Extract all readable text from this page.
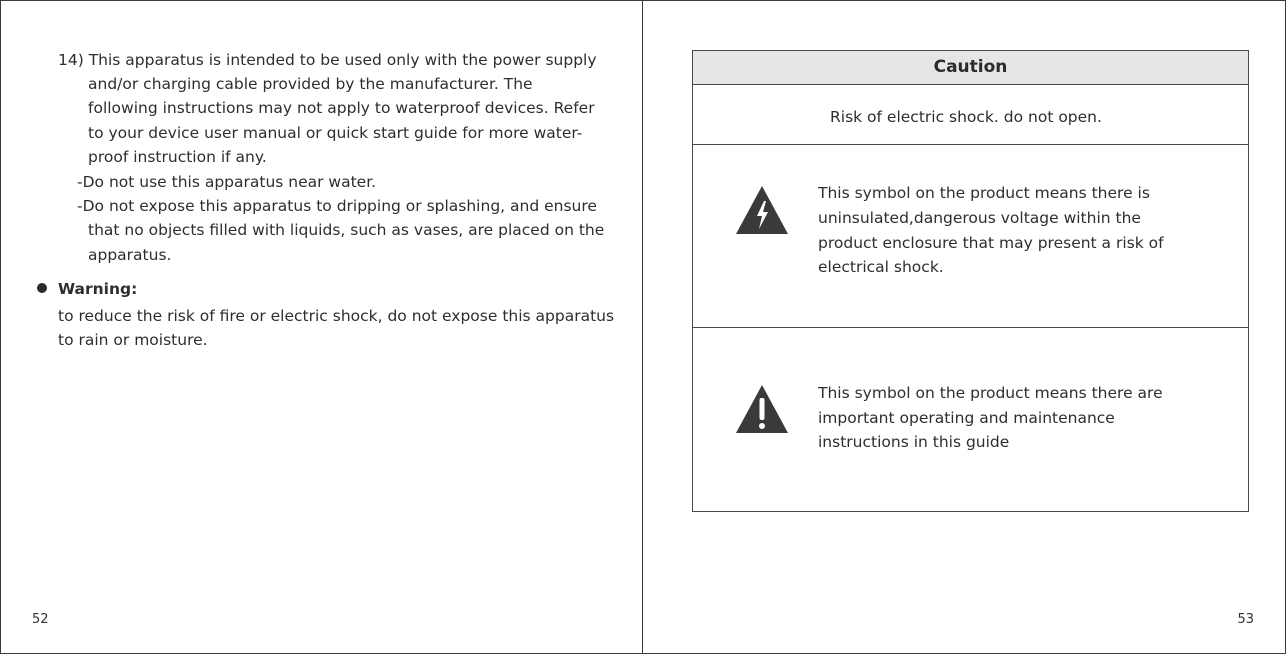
14) This apparatus is intended to be used only with the power supply
and/or charging cable provided by the manufacturer. The
following instructions may not apply to waterproof devices. Refer
to your device user manual or quick start guide for more water-
proof instruction if any.
-Do not use this apparatus near water.
-Do not expose this apparatus to dripping or splashing, and ensure
that no objects filled with liquids, such as vases, are placed on the
apparatus.
Warning:
to reduce the risk of fire or electric shock, do not expose this apparatus
to rain or moisture.
52	53
Caution
Risk of electric shock. do not open.
This symbol on the product means there is
uninsulated,dangerous voltage within the
product enclosure that may present a risk of
electrical shock.
This symbol on the product means there are
important operating and maintenance
instructions in this guide
